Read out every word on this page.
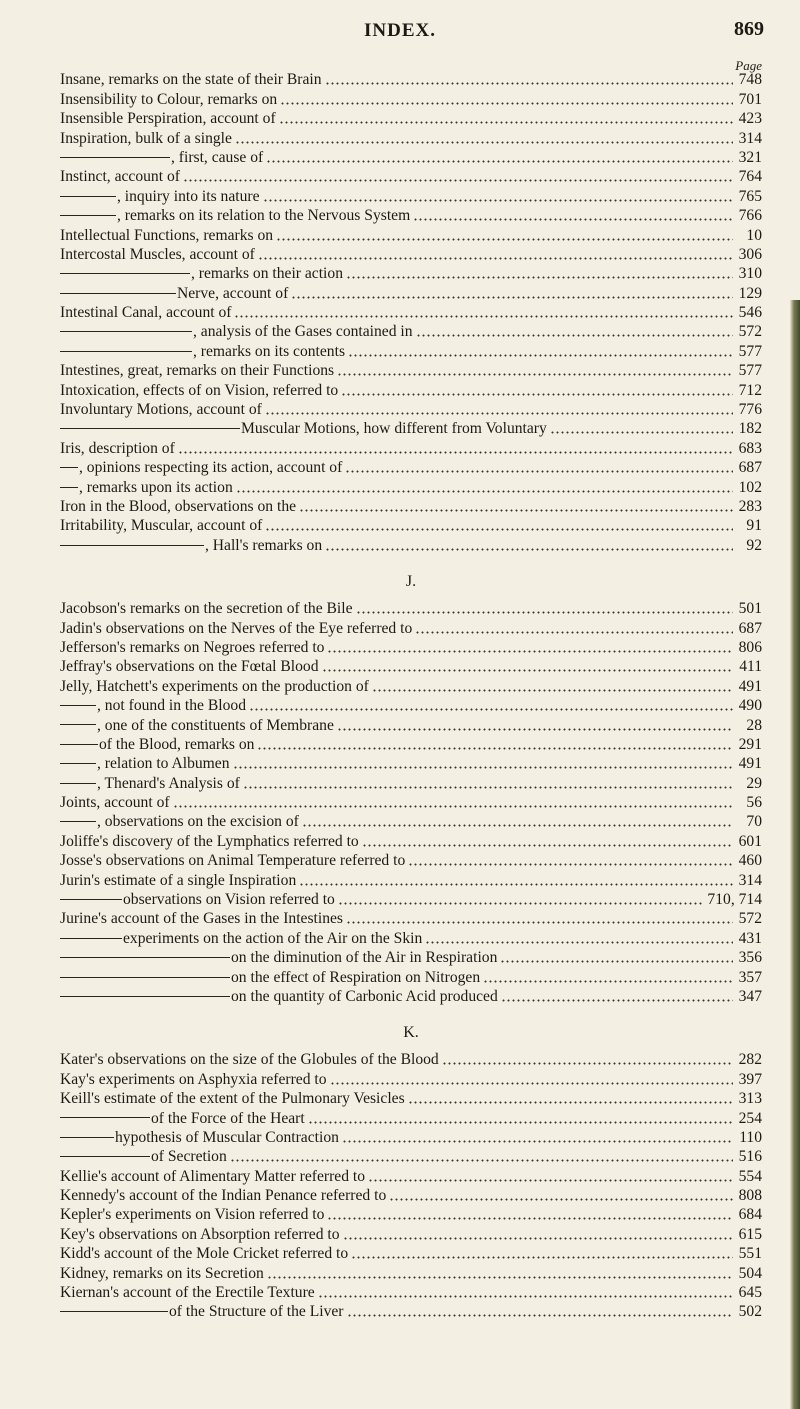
INDEX.	869
Page
Insane, remarks on the state of their Brain	748
Insensibility to Colour, remarks on	701
Insensible Perspiration, account of	423
Inspiration, bulk of a single	314
, first, cause of	321
Instinct, account of	764
, inquiry into its nature	765
, remarks on its relation to the Nervous System	766
Intellectual Functions, remarks on	10
Intercostal Muscles, account of	306
, remarks on their action	310
Nerve, account of	129
Intestinal Canal, account of	546
, analysis of the Gases contained in	572
, remarks on its contents	577
Intestines, great, remarks on their Functions	577
Intoxication, effects of on Vision, referred to	712
Involuntary Motions, account of	776
Muscular Motions, how different from Voluntary	182
Iris, description of	683
, opinions respecting its action, account of	687
, remarks upon its action	102
Iron in the Blood, observations on the	283
Irritability, Muscular, account of	91
, Hall's remarks on	92
J.
Jacobson's remarks on the secretion of the Bile	501
Jadin's observations on the Nerves of the Eye referred to	687
Jefferson's remarks on Negroes referred to	806
Jeffray's observations on the Fœtal Blood	411
Jelly, Hatchett's experiments on the production of	491
, not found in the Blood	490
, one of the constituents of Membrane	28
of the Blood, remarks on	291
, relation to Albumen	491
, Thenard's Analysis of	29
Joints, account of	56
, observations on the excision of	70
Joliffe's discovery of the Lymphatics referred to	601
Josse's observations on Animal Temperature referred to	460
Jurin's estimate of a single Inspiration	314
observations on Vision referred to	710, 714
Jurine's account of the Gases in the Intestines	572
experiments on the action of the Air on the Skin	431
on the diminution of the Air in Respiration	356
on the effect of Respiration on Nitrogen	357
on the quantity of Carbonic Acid produced	347
K.
Kater's observations on the size of the Globules of the Blood	282
Kay's experiments on Asphyxia referred to	397
Keill's estimate of the extent of the Pulmonary Vesicles	313
of the Force of the Heart	254
hypothesis of Muscular Contraction	110
of Secretion	516
Kellie's account of Alimentary Matter referred to	554
Kennedy's account of the Indian Penance referred to	808
Kepler's experiments on Vision referred to	684
Key's observations on Absorption referred to	615
Kidd's account of the Mole Cricket referred to	551
Kidney, remarks on its Secretion	504
Kiernan's account of the Erectile Texture	645
of the Structure of the Liver	502
